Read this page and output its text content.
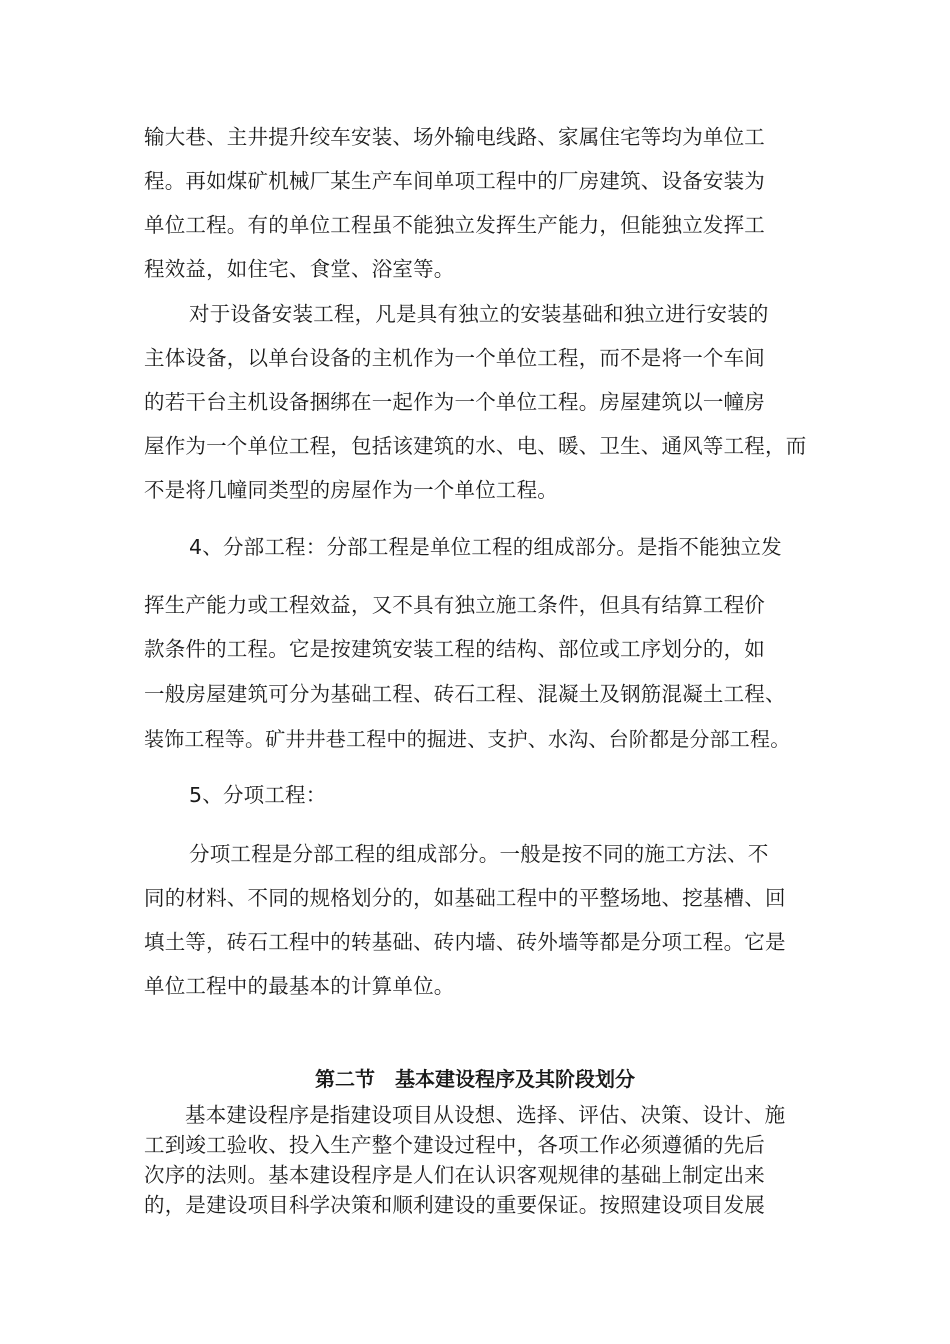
输大巷、主井提升绞车安装、场外输电线路、家属住宅等均为单位工
程。再如煤矿机械厂某生产车间单项工程中的厂房建筑、设备安装为
单位工程。有的单位工程虽不能独立发挥生产能力，但能独立发挥工
程效益，如住宅、食堂、浴室等。
对于设备安装工程，凡是具有独立的安装基础和独立进行安装的
主体设备，以单台设备的主机作为一个单位工程，而不是将一个车间
的若干台主机设备捆绑在一起作为一个单位工程。房屋建筑以一幢房
屋作为一个单位工程，包括该建筑的水、电、暖、卫生、通风等工程，而
不是将几幢同类型的房屋作为一个单位工程。
4、分部工程：分部工程是单位工程的组成部分。是指不能独立发
挥生产能力或工程效益，又不具有独立施工条件，但具有结算工程价
款条件的工程。它是按建筑安装工程的结构、部位或工序划分的，如
一般房屋建筑可分为基础工程、砖石工程、混凝土及钢筋混凝土工程、
装饰工程等。矿井井巷工程中的掘进、支护、水沟、台阶都是分部工程。
5、分项工程：
分项工程是分部工程的组成部分。一般是按不同的施工方法、不
同的材料、不同的规格划分的，如基础工程中的平整场地、挖基槽、回
填土等，砖石工程中的转基础、砖内墙、砖外墙等都是分项工程。它是
单位工程中的最基本的计算单位。
第二节　基本建设程序及其阶段划分
基本建设程序是指建设项目从设想、选择、评估、决策、设计、施
工到竣工验收、投入生产整个建设过程中，各项工作必须遵循的先后
次序的法则。基本建设程序是人们在认识客观规律的基础上制定出来
的，是建设项目科学决策和顺利建设的重要保证。按照建设项目发展
